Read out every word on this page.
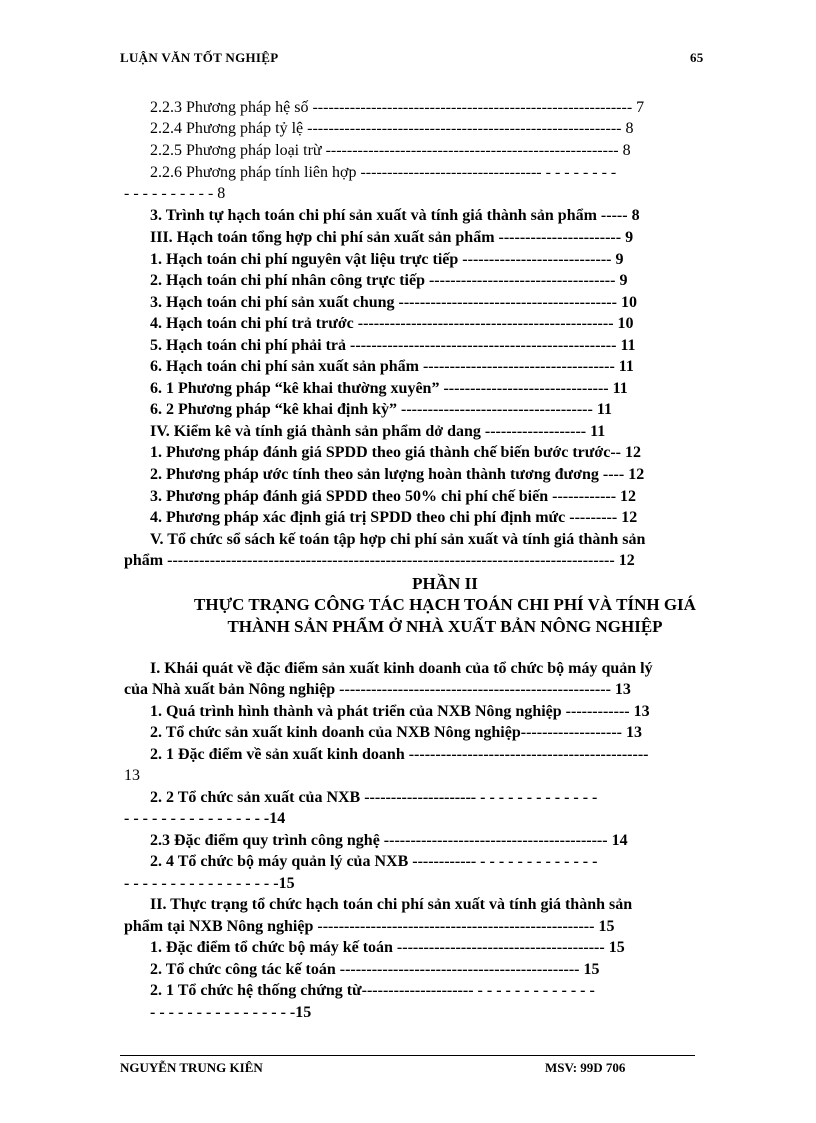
LUẬN VĂN TỐT NGHIỆP	65
2.2.3 Phương pháp hệ số ------------------------------------------------------------ 7
2.2.4 Phương pháp tỷ lệ ----------------------------------------------------------- 8
2.2.5 Phương pháp loại trừ ------------------------------------------------------- 8
2.2.6 Phương pháp tính liên hợp ---------------------------------- - - - - - - - -
- - - - - - - - - - 8
3. Trình tự hạch toán chi phí sản xuất và tính giá thành sản phẩm ----- 8
III. Hạch toán tổng hợp chi phí sản xuất sản phẩm ----------------------- 9
1. Hạch toán chi phí nguyên vật liệu trực tiếp ---------------------------- 9
2. Hạch toán chi phí nhân công trực tiếp ----------------------------------- 9
3. Hạch toán chi phí sản xuất chung ----------------------------------------- 10
4. Hạch toán chi phí trả trước ------------------------------------------------ 10
5. Hạch toán chi phí phải trả -------------------------------------------------- 11
6. Hạch toán chi phí sản xuất sản phẩm ------------------------------------ 11
6. 1 Phương pháp “kê khai thường xuyên” ------------------------------- 11
6. 2 Phương pháp “kê khai định kỳ” ------------------------------------ 11
IV. Kiểm kê và tính giá thành sản phẩm dở dang ------------------- 11
1. Phương pháp đánh giá SPDD theo giá thành chế biến bước trước-- 12
2. Phương pháp ước tính theo sản lượng hoàn thành tương đương ---- 12
3. Phương pháp đánh giá SPDD theo 50% chi phí chế biến ------------ 12
4. Phương pháp xác định giá trị SPDD theo chi phí định mức --------- 12
V. Tổ chức sổ sách kế toán tập hợp chi phí sản xuất và tính giá thành sản
phẩm ------------------------------------------------------------------------------------ 12
PHẦN II
THỰC TRẠNG CÔNG TÁC HẠCH TOÁN CHI PHÍ VÀ TÍNH GIÁ
THÀNH SẢN PHẨM Ở NHÀ XUẤT BẢN NÔNG NGHIỆP
I. Khái quát về đặc điểm sản xuất kinh doanh của tổ chức bộ máy quản lý
của Nhà xuất bản Nông nghiệp --------------------------------------------------- 13
1. Quá trình hình thành và phát triển của NXB Nông nghiệp ------------ 13
2. Tổ chức sản xuất kinh doanh của NXB Nông nghiệp------------------- 13
2. 1 Đặc điểm về sản xuất kinh doanh ---------------------------------------------
13
2. 2 Tổ chức sản xuất của NXB --------------------- - - - - - - - - - - - - -
- - - - - - - - - - - - - - - -14
2.3 Đặc điểm quy trình công nghệ ------------------------------------------ 14
2. 4 Tổ chức bộ máy quản lý của NXB ------------ - - - - - - - - - - - - -
- - - - - - - - - - - - - - - - -15
II. Thực trạng tổ chức hạch toán chi phí sản xuất và tính giá thành sản
phẩm tại NXB Nông nghiệp ---------------------------------------------------- 15
1. Đặc điểm tổ chức bộ máy kế toán --------------------------------------- 15
2. Tổ chức công tác kế toán --------------------------------------------- 15
2. 1 Tổ chức hệ thống chứng từ--------------------- - - - - - - - - - - - - -
- - - - - - - - - - - - - - - -15
NGUYỄN TRUNG KIÊN	MSV: 99D 706
